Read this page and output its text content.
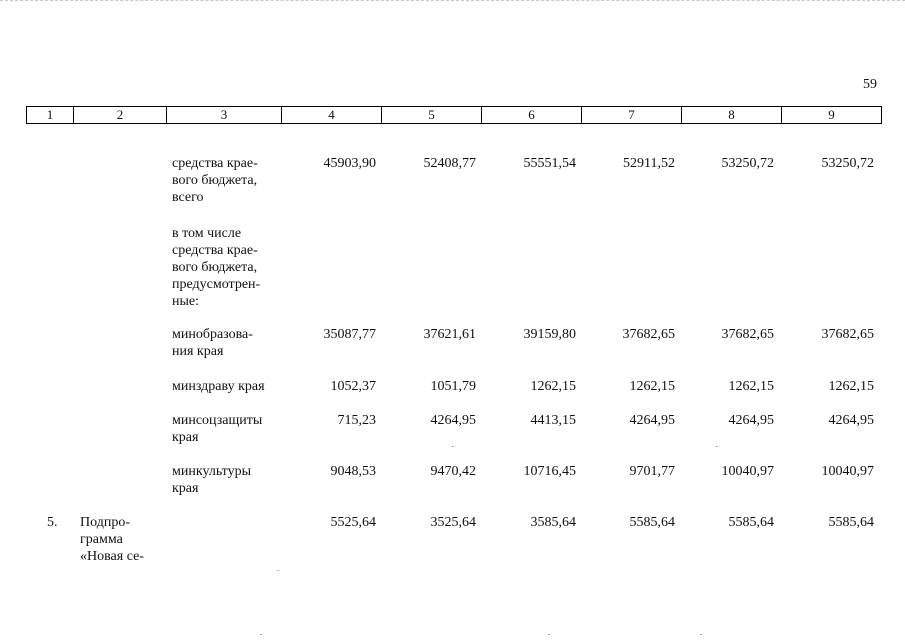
59
1	2	3	4	5	6	7	8	9
средства крае-
вого бюджета,
всего
45903,90	52408,77	55551,54	52911,52	53250,72	53250,72
в том числе
средства крае-
вого бюджета,
предусмотрен-
ные:
минобразова-
ния края
35087,77	37621,61	39159,80	37682,65	37682,65	37682,65
минздраву края	1052,37	1051,79	1262,15	1262,15	1262,15	1262,15
минсоцзащиты
края
715,23	4264,95	4413,15	4264,95	4264,95	4264,95
минкультуры
края
9048,53	9470,42	10716,45	9701,77	10040,97	10040,97
5. Подпро-
грамма
«Новая се-
5525,64	3525,64	3585,64	5585,64	5585,64	5585,64
